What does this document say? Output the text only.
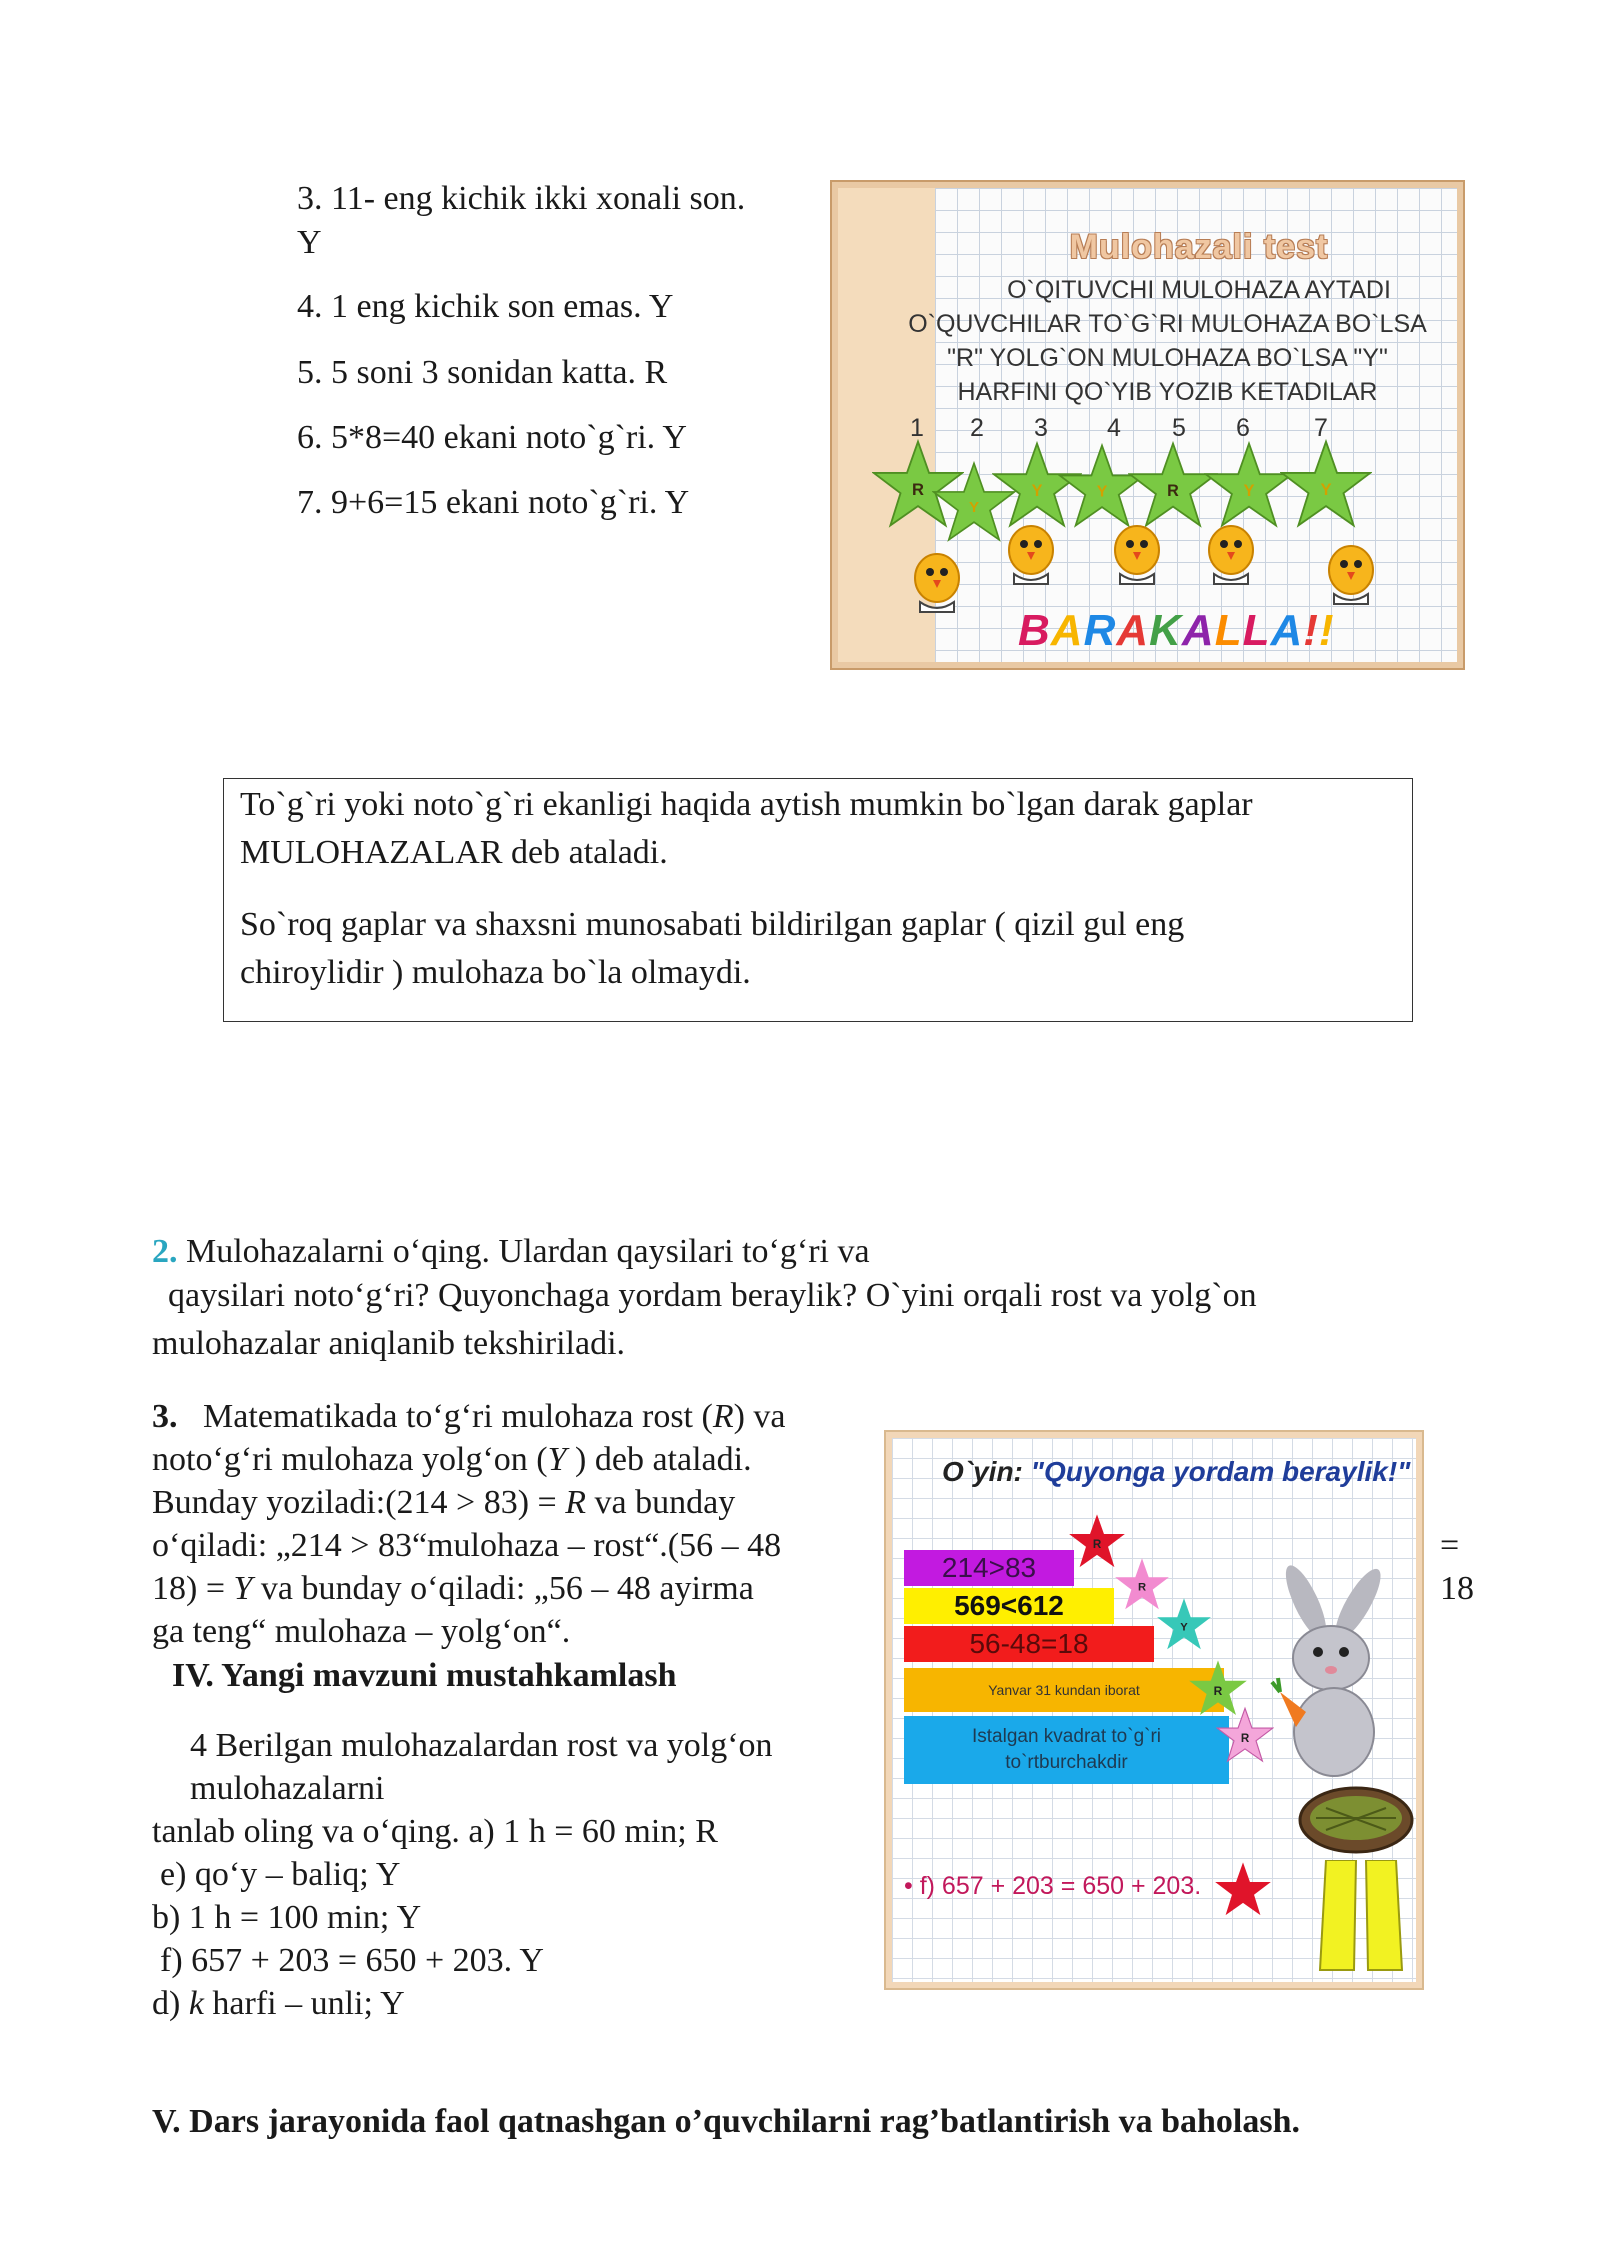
3. 11- eng kichik ikki xonali son.
Y
4. 1 eng kichik son emas. Y
5. 5 soni 3 sonidan katta. R
6. 5*8=40 ekani noto`g`ri. Y
7. 9+6=15 ekani noto`g`ri. Y
Mulohazali test
O`QITUVCHI MULOHAZA AYTADI
O`QUVCHILAR TO`G`RI MULOHAZA BO`LSA
"R" YOLG`ON MULOHAZA BO`LSA "Y"
HARFINI QO`YIB YOZIB KETADILAR
1 2 3 4 5 6	7
R
Y
Y	Y	R	Y	Y
BARAKALLA!!
To`g`ri yoki noto`g`ri ekanligi haqida aytish mumkin bo`lgan darak gaplar
MULOHAZALAR deb ataladi.
So`roq gaplar va shaxsni munosabati bildirilgan gaplar ( qizil gul eng
chiroylidir ) mulohaza bo`la olmaydi.
2. Mulohazalarni o‘qing. Ulardan qaysilari to‘g‘ri va
qaysilari noto‘g‘ri? Quyonchaga yordam beraylik? O`yini orqali rost va yolg`on
mulohazalar aniqlanib tekshiriladi.
3. Matematikada to‘g‘ri mulohaza rost (R) va
noto‘g‘ri mulohaza yolg‘on (Y ) deb ataladi.
Bunday yoziladi:(214 > 83) = R va bunday
o‘qiladi: „214 > 83“mulohaza – rost“.(56 – 48	=
18) = Y va bunday o‘qiladi: „56 – 48 ayirma	18
ga teng“ mulohaza – yolg‘on“.
IV. Yangi mavzuni mustahkamlash
4 Berilgan mulohazalardan rost va yolg‘on
mulohazalarni
tanlab oling va o‘qing. a) 1 h = 60 min; R
e) qo‘y – baliq; Y
b) 1 h = 100 min; Y
f) 657 + 203 = 650 + 203. Y
d) k harfi – unli; Y
O`yin: "Quyonga yordam beraylik!"
214>83
569<612
56-48=18
Yanvar 31 kundan iborat
Istalgan kvadrat to`g`ri
to`rtburchakdir
• f) 657 + 203 = 650 + 203.
R
R
Y
R
R
V. Dars jarayonida faol qatnashgan o’quvchilarni rag’batlantirish va baholash.
